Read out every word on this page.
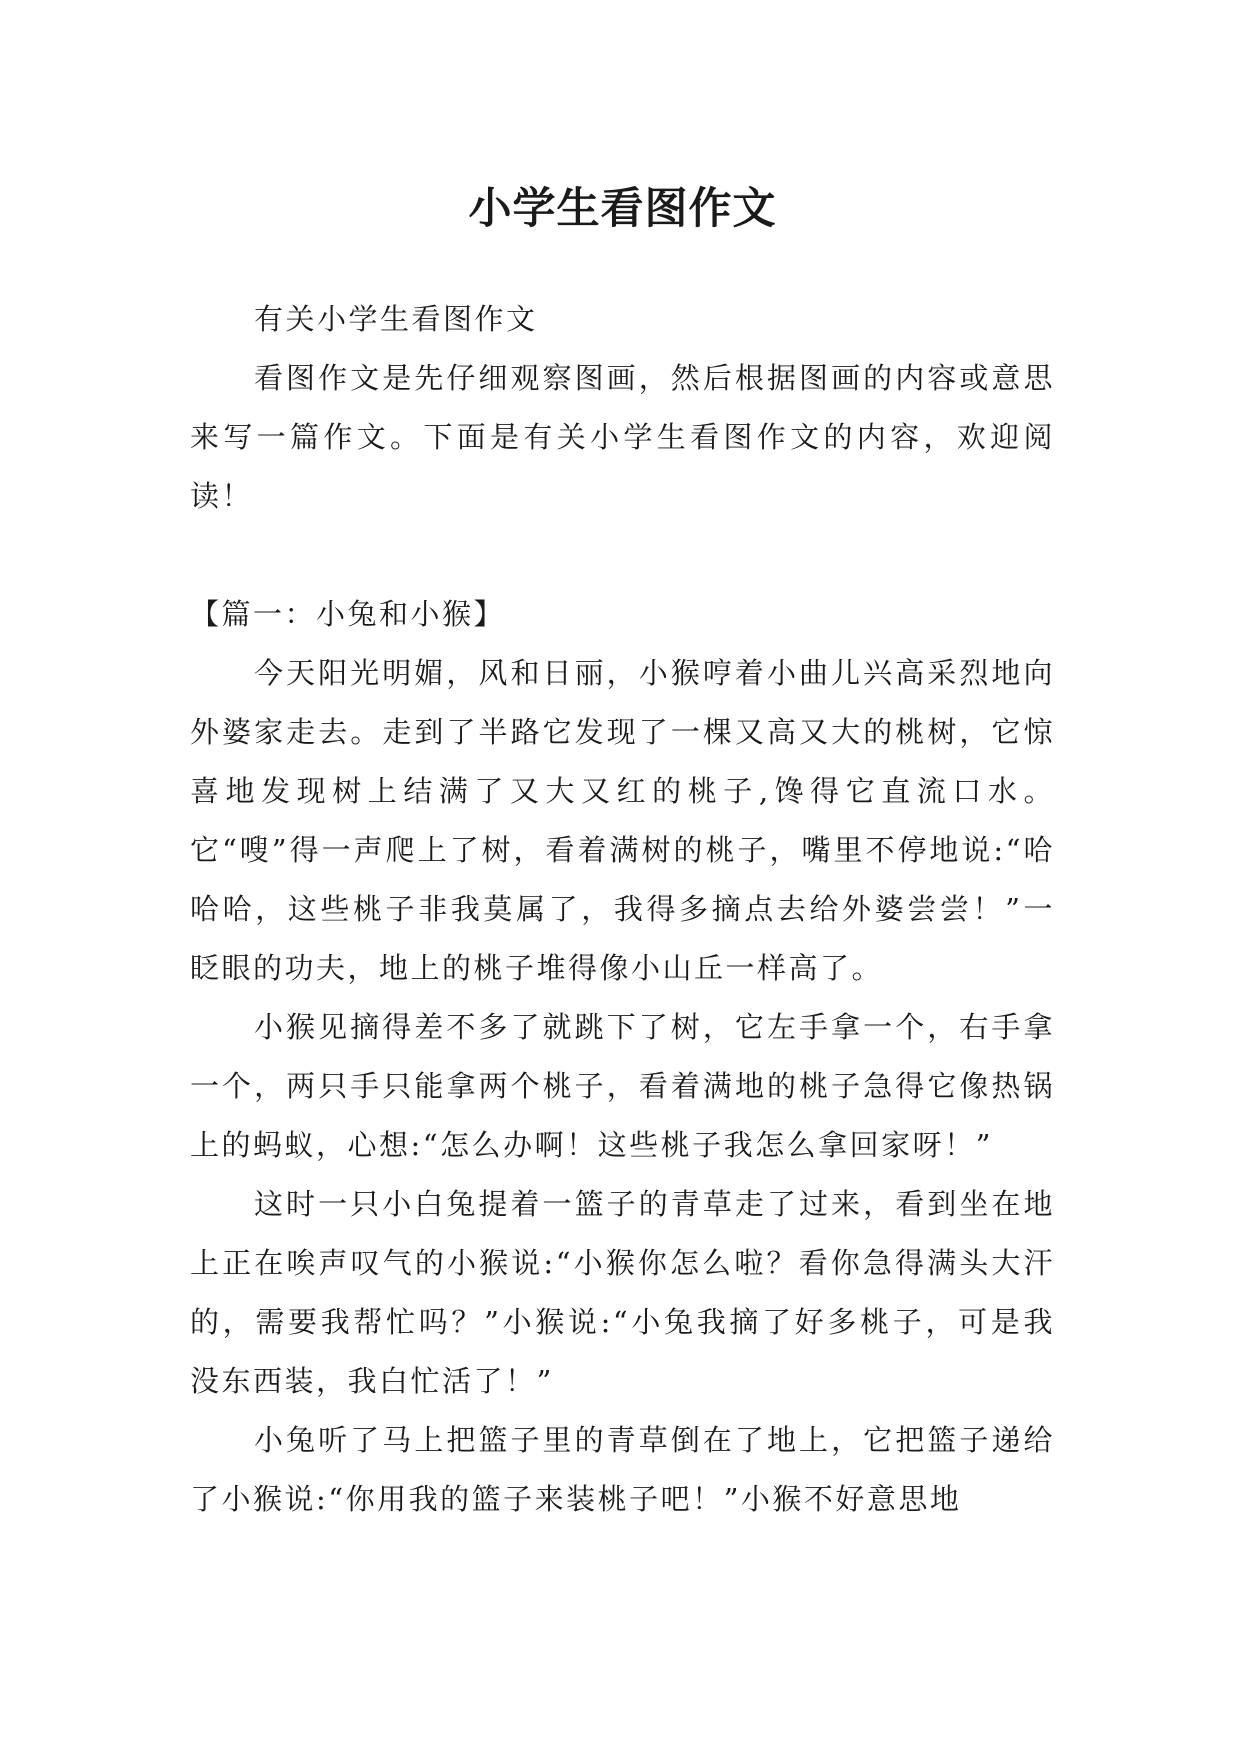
小学生看图作文

有关小学生看图作文

看图作文是先仔细观察图画，然后根据图画的内容或意思来写一篇作文。下面是有关小学生看图作文的内容，欢迎阅读！

【篇一：小兔和小猴】

今天阳光明媚，风和日丽，小猴哼着小曲儿兴高采烈地向外婆家走去。走到了半路它发现了一棵又高又大的桃树，它惊喜地发现树上结满了又大又红的桃子,馋得它直流口水。它“嗖”得一声爬上了树，看着满树的桃子，嘴里不停地说:“哈哈哈，这些桃子非我莫属了，我得多摘点去给外婆尝尝！”一眨眼的功夫，地上的桃子堆得像小山丘一样高了。

小猴见摘得差不多了就跳下了树，它左手拿一个，右手拿一个，两只手只能拿两个桃子，看着满地的桃子急得它像热锅上的蚂蚁，心想:“怎么办啊！这些桃子我怎么拿回家呀！”

这时一只小白兔提着一篮子的青草走了过来，看到坐在地上正在唉声叹气的小猴说:“小猴你怎么啦？看你急得满头大汗的，需要我帮忙吗？”小猴说:“小兔我摘了好多桃子，可是我没东西装，我白忙活了！”

小兔听了马上把篮子里的青草倒在了地上，它把篮子递给了小猴说:“你用我的篮子来装桃子吧！”小猴不好意思地
